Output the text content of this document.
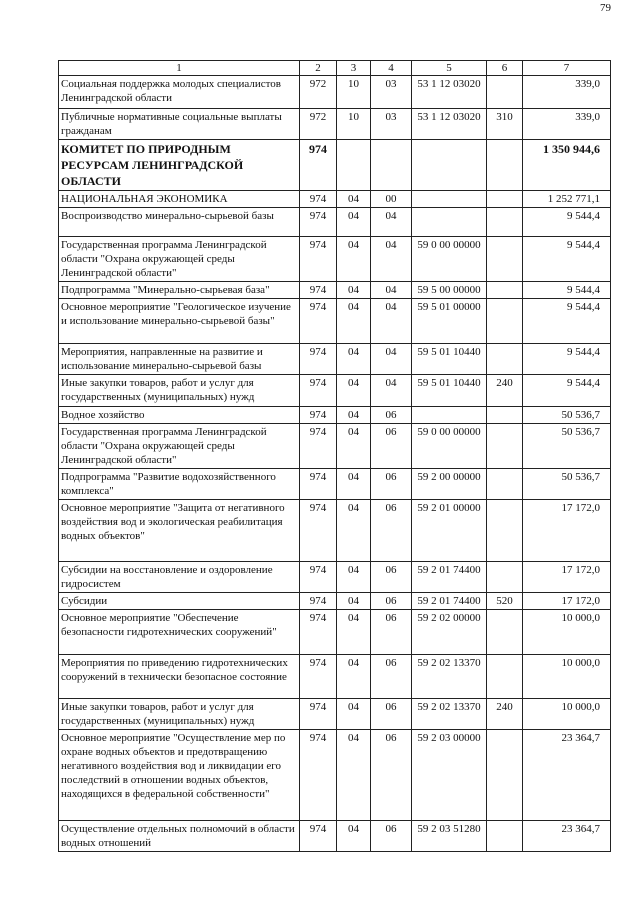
79
1	2	3	4	5	6	7
Социальная поддержка молодых специалистов Ленинградской области	972	10	03	53 1 12 03020		339,0
Публичные нормативные социальные выплаты гражданам	972	10	03	53 1 12 03020	310	339,0
КОМИТЕТ ПО ПРИРОДНЫМ РЕСУРСАМ ЛЕНИНГРАДСКОЙ ОБЛАСТИ	974					1 350 944,6
НАЦИОНАЛЬНАЯ ЭКОНОМИКА	974	04	00			1 252 771,1
Воспроизводство минерально-сырьевой базы	974	04	04			9 544,4
Государственная программа Ленинградской области "Охрана окружающей среды Ленинградской области"	974	04	04	59 0 00 00000		9 544,4
Подпрограмма "Минерально-сырьевая база"	974	04	04	59 5 00 00000		9 544,4
Основное мероприятие "Геологическое изучение и использование минерально-сырьевой базы"	974	04	04	59 5 01 00000		9 544,4
Мероприятия, направленные на развитие и использование минерально-сырьевой базы	974	04	04	59 5 01 10440		9 544,4
Иные закупки товаров, работ и услуг для государственных (муниципальных) нужд	974	04	04	59 5 01 10440	240	9 544,4
Водное хозяйство	974	04	06			50 536,7
Государственная программа Ленинградской области "Охрана окружающей среды Ленинградской области"	974	04	06	59 0 00 00000		50 536,7
Подпрограмма "Развитие водохозяйственного комплекса"	974	04	06	59 2 00 00000		50 536,7
Основное мероприятие "Защита от негативного воздействия вод и экологическая реабилитация водных объектов"	974	04	06	59 2 01 00000		17 172,0
Субсидии на восстановление и оздоровление гидросистем	974	04	06	59 2 01 74400		17 172,0
Субсидии	974	04	06	59 2 01 74400	520	17 172,0
Основное мероприятие "Обеспечение безопасности гидротехнических сооружений"	974	04	06	59 2 02 00000		10 000,0
Мероприятия по приведению гидротехнических сооружений в технически безопасное состояние	974	04	06	59 2 02 13370		10 000,0
Иные закупки товаров, работ и услуг для государственных (муниципальных) нужд	974	04	06	59 2 02 13370	240	10 000,0
Основное мероприятие "Осуществление мер по охране водных объектов и предотвращению негативного воздействия вод и ликвидации его последствий в отношении водных объектов, находящихся в федеральной собственности"	974	04	06	59 2 03 00000		23 364,7
Осуществление отдельных полномочий в области водных отношений	974	04	06	59 2 03 51280		23 364,7
